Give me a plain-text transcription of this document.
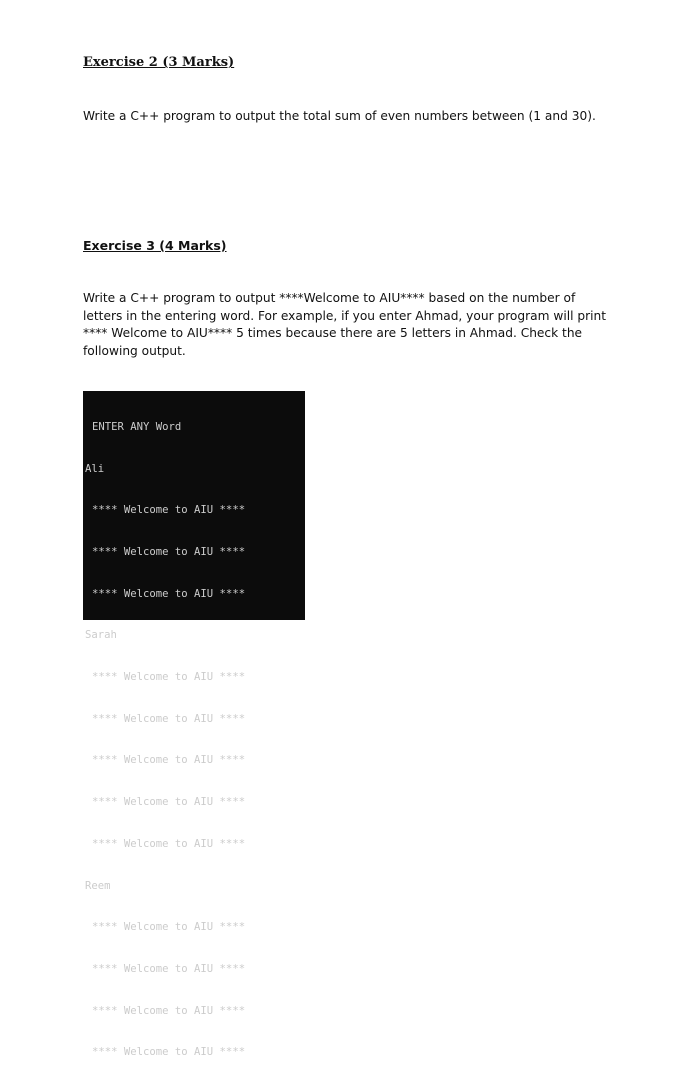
Exercise 2 (3 Marks)

Write a C++ program to output the total sum of even numbers between (1 and 30).

Exercise 3 (4 Marks)

Write a C++ program to output ****Welcome to AIU**** based on the number of letters in the entering word. For example, if you enter Ahmad, your program will print **** Welcome to AIU**** 5 times because there are 5 letters in Ahmad. Check the following output.

ENTER ANY Word

Ali

**** Welcome to AIU ****

**** Welcome to AIU ****

**** Welcome to AIU ****

Sarah

**** Welcome to AIU ****

**** Welcome to AIU ****

**** Welcome to AIU ****

**** Welcome to AIU ****

**** Welcome to AIU ****

Reem

**** Welcome to AIU ****

**** Welcome to AIU ****

**** Welcome to AIU ****

**** Welcome to AIU ****
